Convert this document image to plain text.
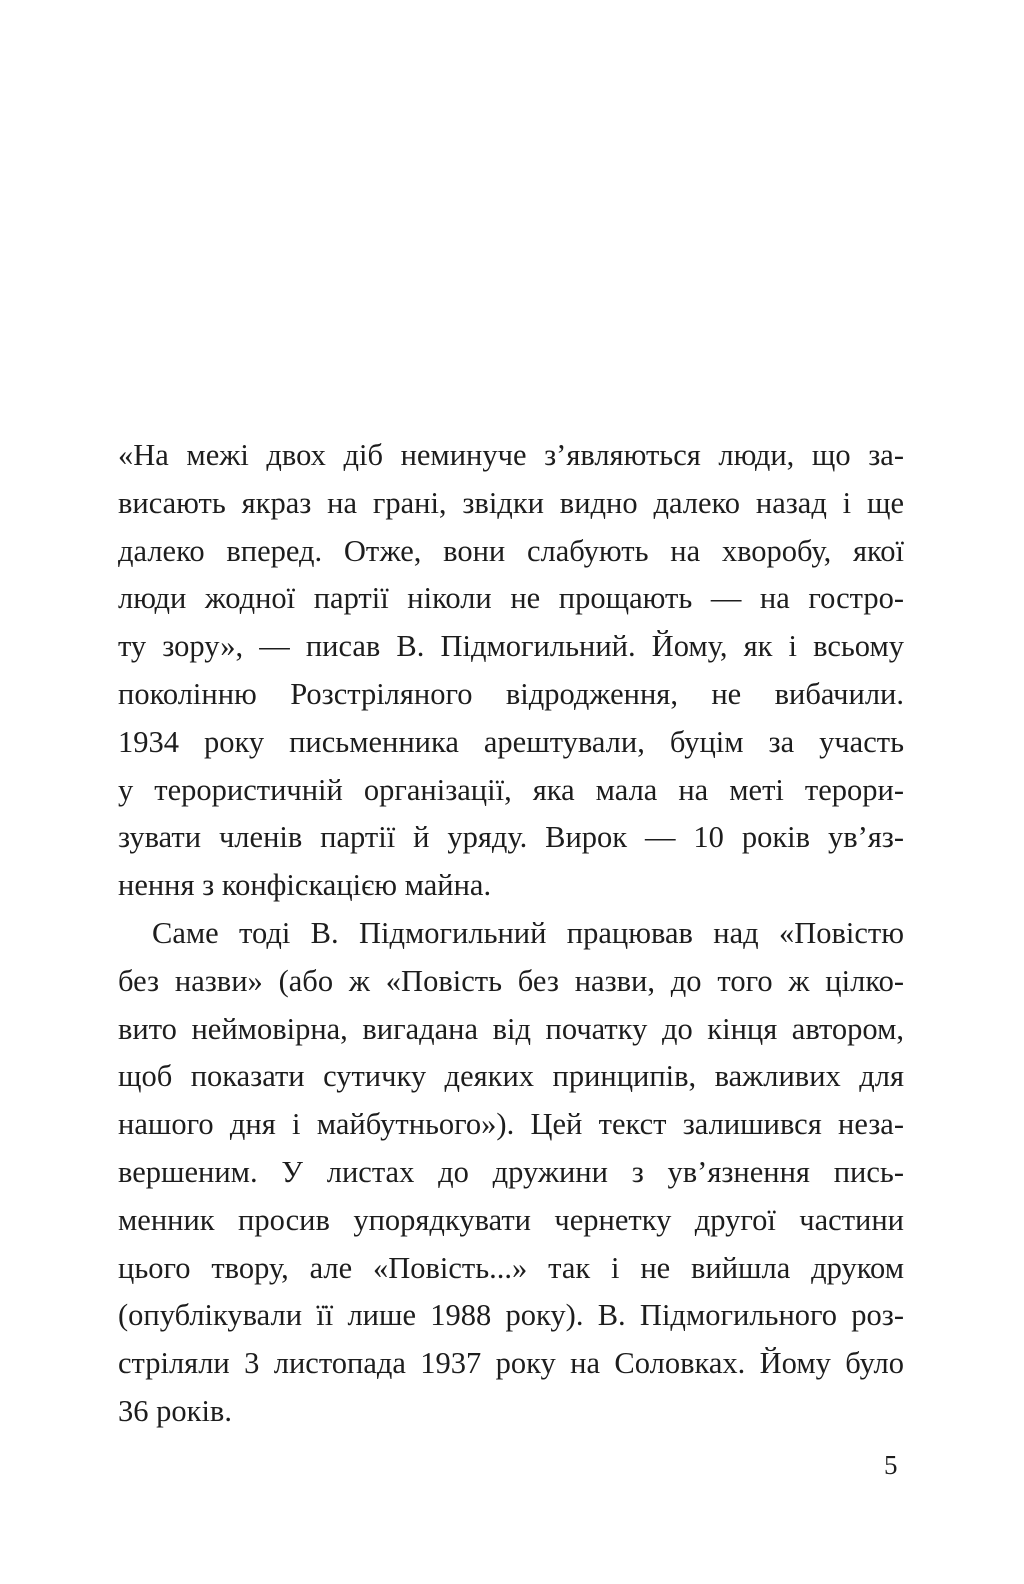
«На межі двох діб неминуче з’являються люди, що за-
висають якраз на грані, звідки видно далеко назад і ще
далеко вперед. Отже, вони слабують на хворобу, якої
люди жодної партії ніколи не прощають — на гостро-
ту зору», — писав В. Підмогильний. Йому, як і всьому
поколінню Розстріляного відродження, не вибачили.
1934 року письменника арештували, буцім за участь
у терористичній організації, яка мала на меті терори-
зувати членів партії й уряду. Вирок — 10 років ув’яз-
нення з конфіскацією майна.
Саме тоді В. Підмогильний працював над «Повістю
без назви» (або ж «Повість без назви, до того ж цілко-
вито неймовірна, вигадана від початку до кінця автором,
щоб показати сутичку деяких принципів, важливих для
нашого дня і майбутнього»). Цей текст залишився неза-
вершеним. У листах до дружини з ув’язнення пись-
менник просив упорядкувати чернетку другої частини
цього твору, але «Повість...» так і не вийшла друком
(опублікували її лише 1988 року). В. Підмогильного роз-
стріляли 3 листопада 1937 року на Соловках. Йому було
36 років.
5
